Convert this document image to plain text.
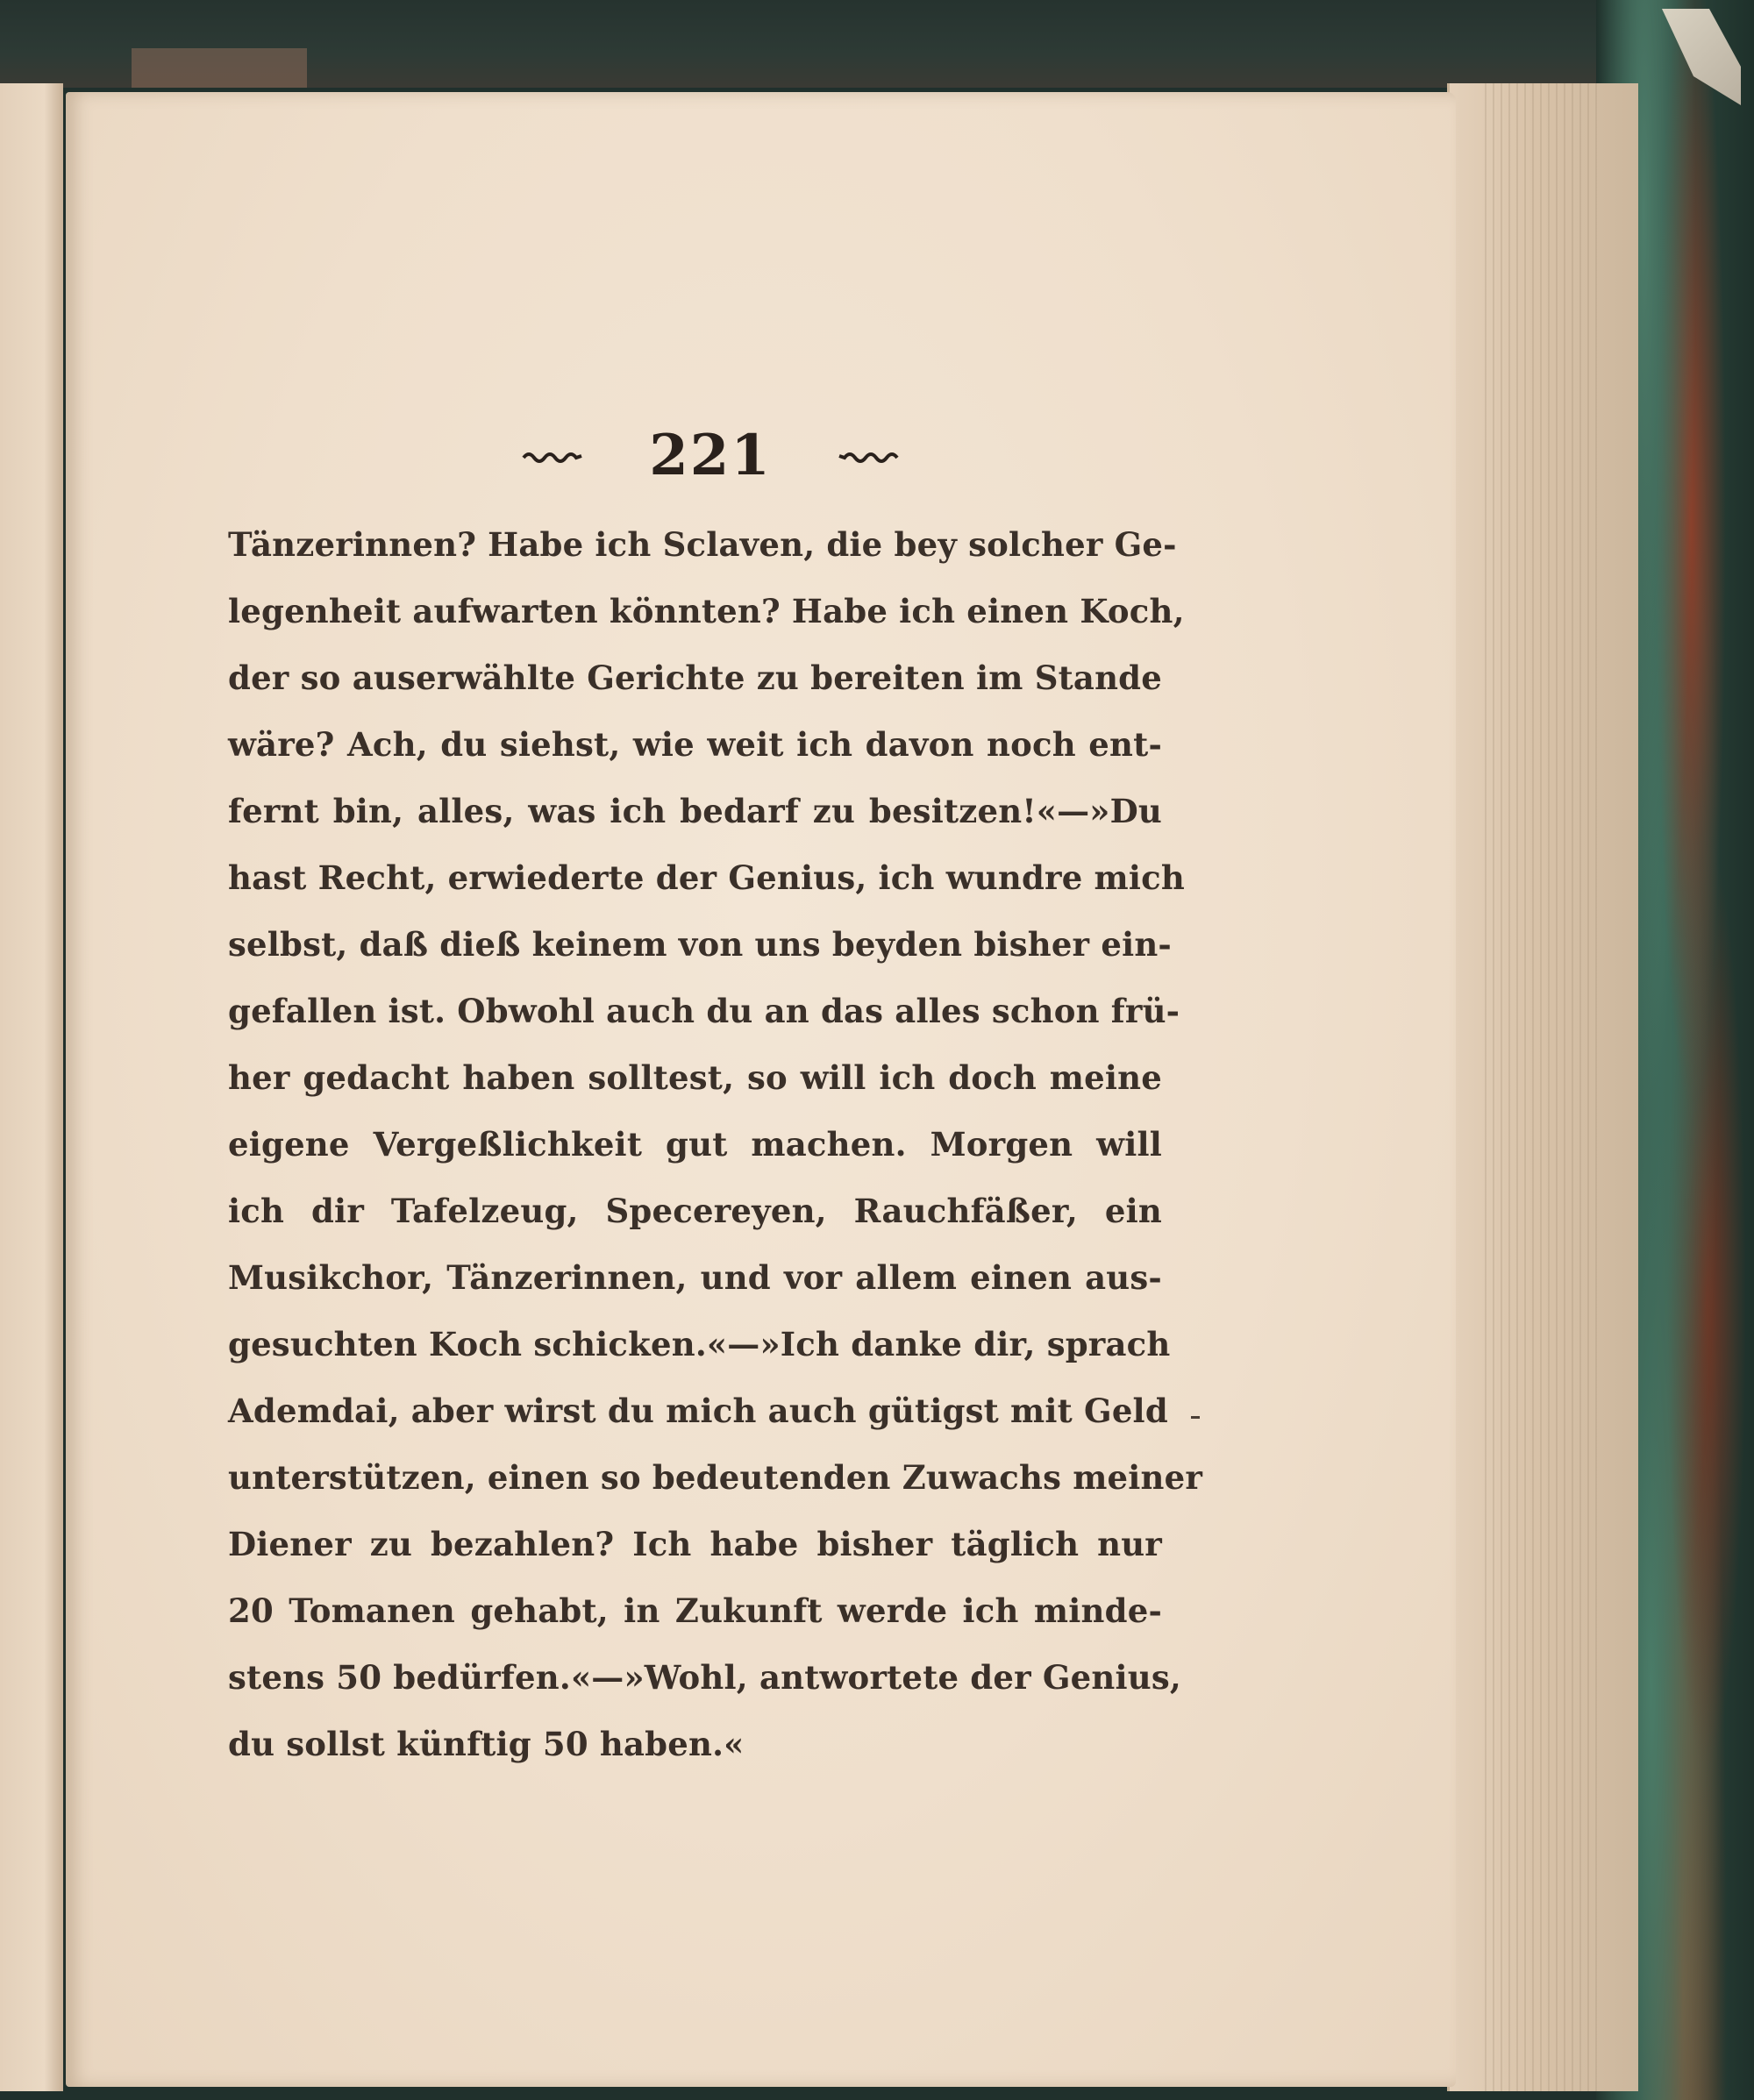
221
Tänzerinnen? Habe ich Sclaven, die bey solcher Ge-
legenheit aufwarten könnten? Habe ich einen Koch,
der so auserwählte Gerichte zu bereiten im Stande
wäre? Ach, du siehst, wie weit ich davon noch ent-
fernt bin, alles, was ich bedarf zu besitzen!«—»Du
hast Recht, erwiederte der Genius, ich wundre mich
selbst, daß dieß keinem von uns beyden bisher ein-
gefallen ist. Obwohl auch du an das alles schon frü-
her gedacht haben solltest, so will ich doch meine
eigene Vergeßlichkeit gut machen. Morgen will
ich dir Tafelzeug, Specereyen, Rauchfäßer, ein
Musikchor, Tänzerinnen, und vor allem einen aus-
gesuchten Koch schicken.«—»Ich danke dir, sprach
Ademdai, aber wirst du mich auch gütigst mit Geld
unterstützen, einen so bedeutenden Zuwachs meiner
Diener zu bezahlen? Ich habe bisher täglich nur
20 Tomanen gehabt, in Zukunft werde ich minde-
stens 50 bedürfen.«—»Wohl, antwortete der Genius,
du sollst künftig 50 haben.«
